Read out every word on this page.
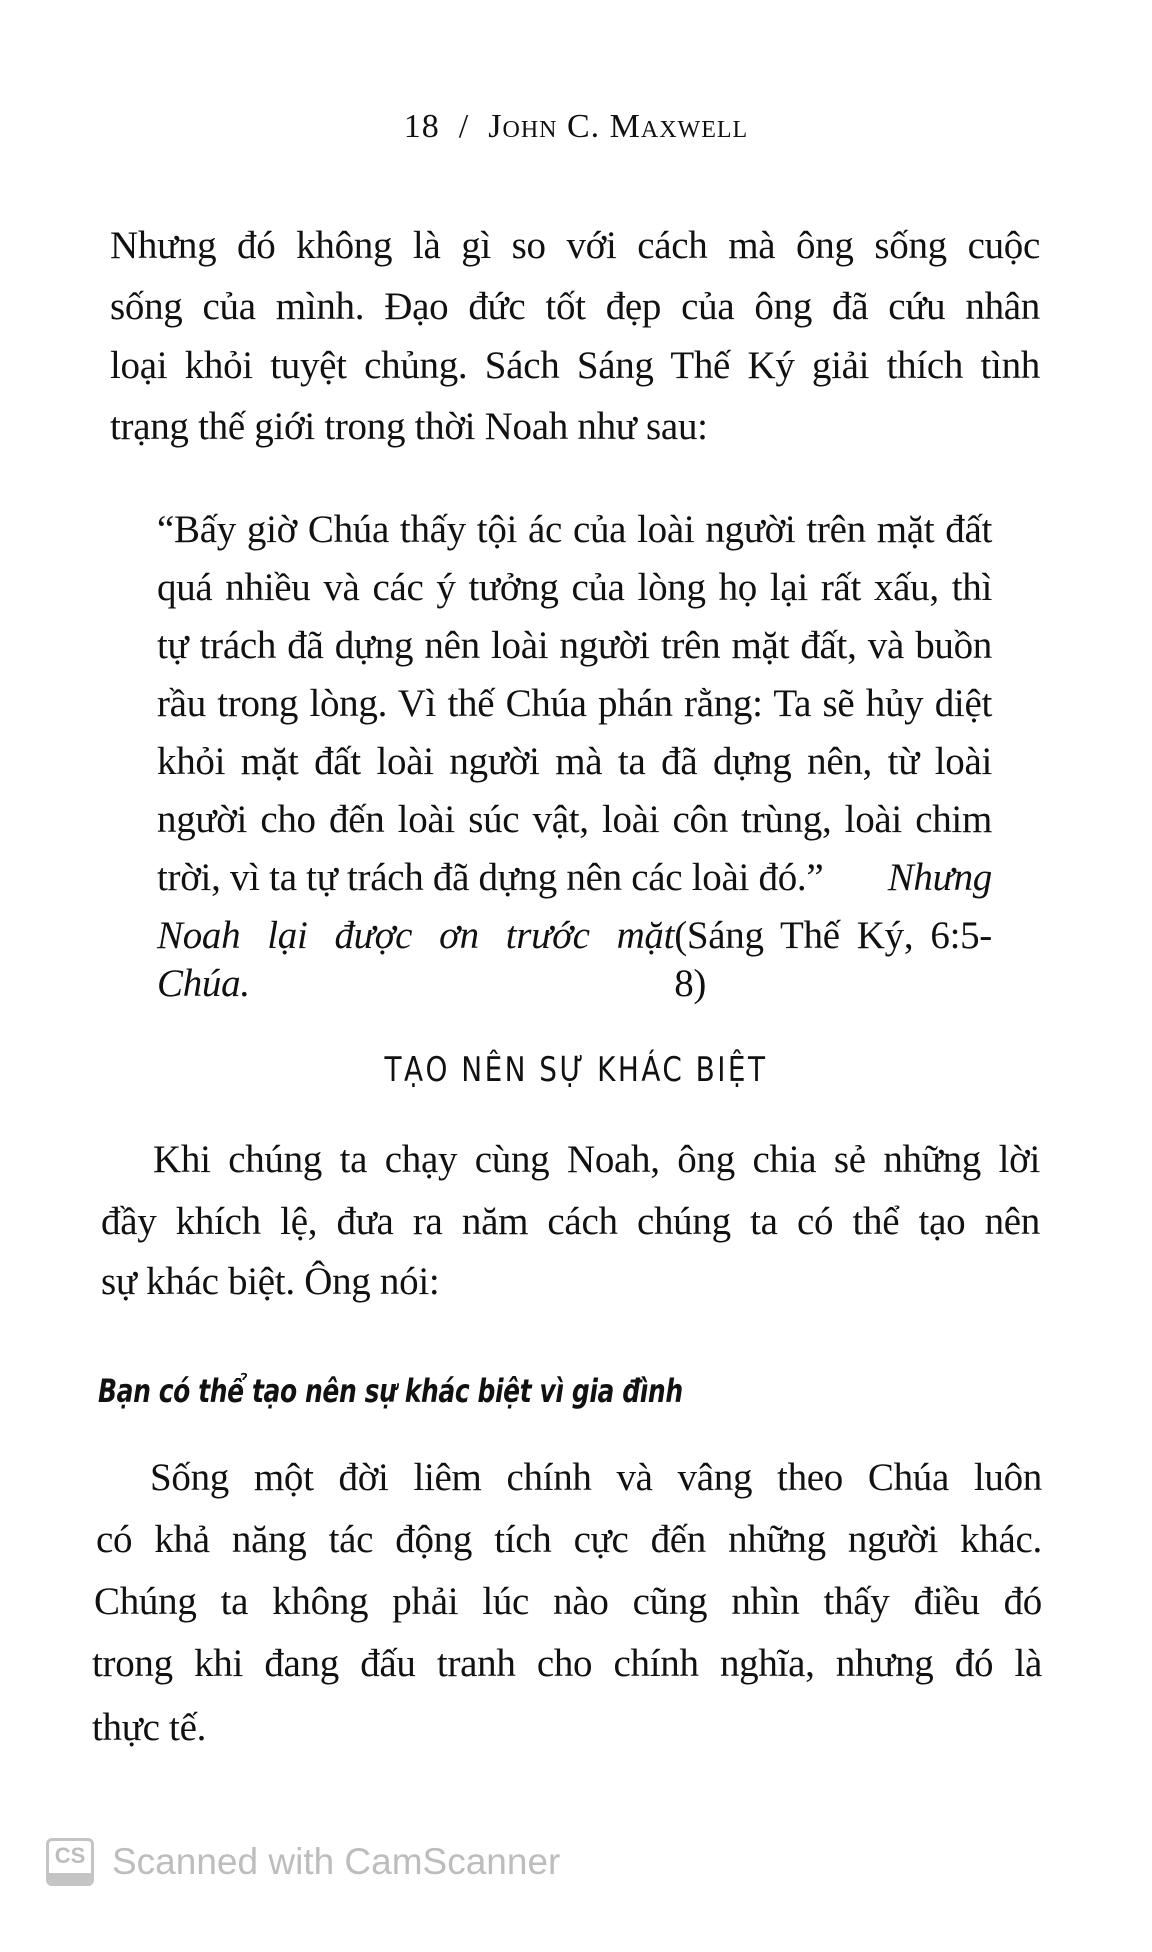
18 / John C. Maxwell
Nhưng đó không là gì so với cách mà ông sống cuộc
sống của mình. Đạo đức tốt đẹp của ông đã cứu nhân
loại khỏi tuyệt chủng. Sách Sáng Thế Ký giải thích tình
trạng thế giới trong thời Noah như sau:
“Bấy giờ Chúa thấy tội ác của loài người trên mặt đất
quá nhiều và các ý tưởng của lòng họ lại rất xấu, thì
tự trách đã dựng nên loài người trên mặt đất, và buồn
rầu trong lòng. Vì thế Chúa phán rằng: Ta sẽ hủy diệt
khỏi mặt đất loài người mà ta đã dựng nên, từ loài
người cho đến loài súc vật, loài côn trùng, loài chim
trời, vì ta tự trách đã dựng nên các loài đó.” Nhưng
Noah lại được ơn trước mặt Chúa.
(Sáng Thế Ký, 6:5-8)
TẠO NÊN SỰ KHÁC BIỆT
Khi chúng ta chạy cùng Noah, ông chia sẻ những lời
đầy khích lệ, đưa ra năm cách chúng ta có thể tạo nên
sự khác biệt. Ông nói:
Bạn có thể tạo nên sự khác biệt vì gia đình
Sống một đời liêm chính và vâng theo Chúa luôn
có khả năng tác động tích cực đến những người khác.
Chúng ta không phải lúc nào cũng nhìn thấy điều đó
trong khi đang đấu tranh cho chính nghĩa, nhưng đó là
thực tế.
CS Scanned with CamScanner
